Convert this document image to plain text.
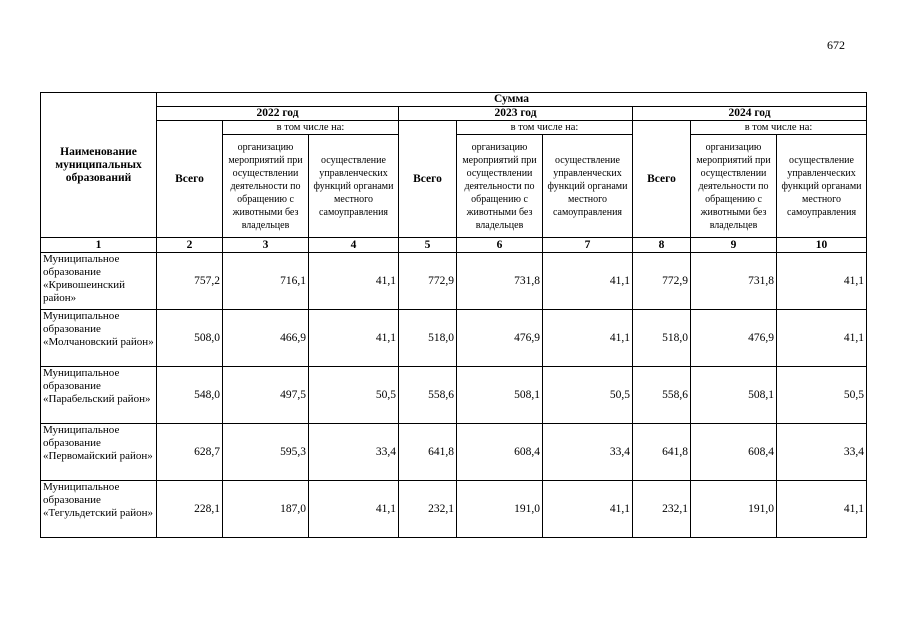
672
Наименование муниципальных образований	Сумма								
	2022 год			2023 год			2024 год		
	Всего	в том числе на:		Всего	в том числе на:		Всего	в том числе на:	
		организацию мероприятий при осуществлении деятельности по обращению с животными без владельцев	осуществление управленческих функций органами местного самоуправления		организацию мероприятий при осуществлении деятельности по обращению с животными без владельцев	осуществление управленческих функций органами местного самоуправления		организацию мероприятий при осуществлении деятельности по обращению с животными без владельцев	осуществление управленческих функций органами местного самоуправления
1	2	3	4	5	6	7	8	9	10
Муниципальное образование «Кривошеинский район»	757,2	716,1	41,1	772,9	731,8	41,1	772,9	731,8	41,1
Муниципальное образование «Молчановский район»	508,0	466,9	41,1	518,0	476,9	41,1	518,0	476,9	41,1
Муниципальное образование «Парабельский район»	548,0	497,5	50,5	558,6	508,1	50,5	558,6	508,1	50,5
Муниципальное образование «Первомайский район»	628,7	595,3	33,4	641,8	608,4	33,4	641,8	608,4	33,4
Муниципальное образование «Тегульдетский район»	228,1	187,0	41,1	232,1	191,0	41,1	232,1	191,0	41,1
